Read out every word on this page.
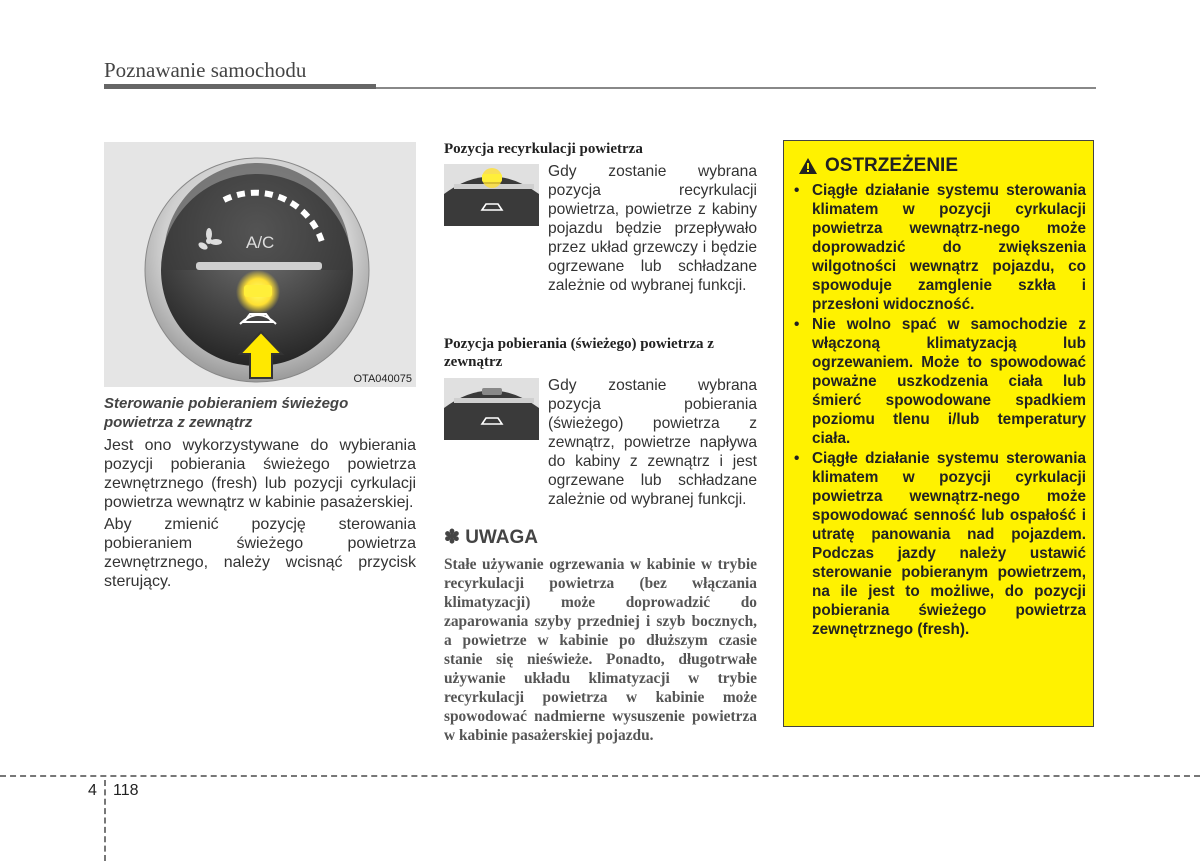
Poznawanie samochodu
A/C
OTA040075

Sterowanie pobieraniem świeżego powietrza z zewnątrz

Jest ono wykorzystywane do wybierania pozycji pobierania świeżego powietrza zewnętrznego (fresh) lub pozycji cyrkulacji powietrza wewnątrz w kabinie pasażerskiej.

Aby zmienić pozycję sterowania pobieraniem świeżego powietrza zewnętrznego, należy wcisnąć przycisk sterujący.

Pozycja recyrkulacji powietrza
Gdy zostanie wybrana pozycja recyrkulacji powietrza, powietrze z kabiny pojazdu będzie przepływało przez układ grzewczy i będzie ogrzewane lub schładzane zależnie od wybranej funkcji.
Pozycja pobierania (świeżego) powietrza z zewnątrz
Gdy zostanie wybrana pozycja pobierania (świeżego) powietrza z zewnątrz, powietrze napływa do kabiny z zewnątrz i jest ogrzewane lub schładzane zależnie od wybranej funkcji.
✽ UWAGA

Stałe używanie ogrzewania w kabinie w trybie recyrkulacji powietrza (bez włączania klimatyzacji) może doprowadzić do zaparowania szyby przedniej i szyb bocznych, a powietrze w kabinie po dłuższym czasie stanie się nieświeże. Ponadto, długotrwałe używanie układu klimatyzacji w trybie recyrkulacji powietrza w kabinie może spowodować nadmierne wysuszenie powietrza w kabinie pasażerskiej pojazdu.

OSTRZEŻENIE
• Ciągłe działanie systemu sterowania klimatem w pozycji cyrkulacji powietrza wewnątrz-nego może doprowadzić do zwiększenia wilgotności wewnątrz pojazdu, co spowoduje zamglenie szkła i przesłoni widoczność.
• Nie wolno spać w samochodzie z włączoną klimatyzacją lub ogrzewaniem. Może to spowodować poważne uszkodzenia ciała lub śmierć spowodowane spadkiem poziomu tlenu i/lub temperatury ciała.
• Ciągłe działanie systemu sterowania klimatem w pozycji cyrkulacji powietrza wewnątrz-nego może spowodować senność lub ospałość i utratę panowania nad pojazdem. Podczas jazdy należy ustawić sterowanie pobieranym powietrzem, na ile jest to możliwe, do pozycji pobierania świeżego powietrza zewnętrznego (fresh).
4 118
